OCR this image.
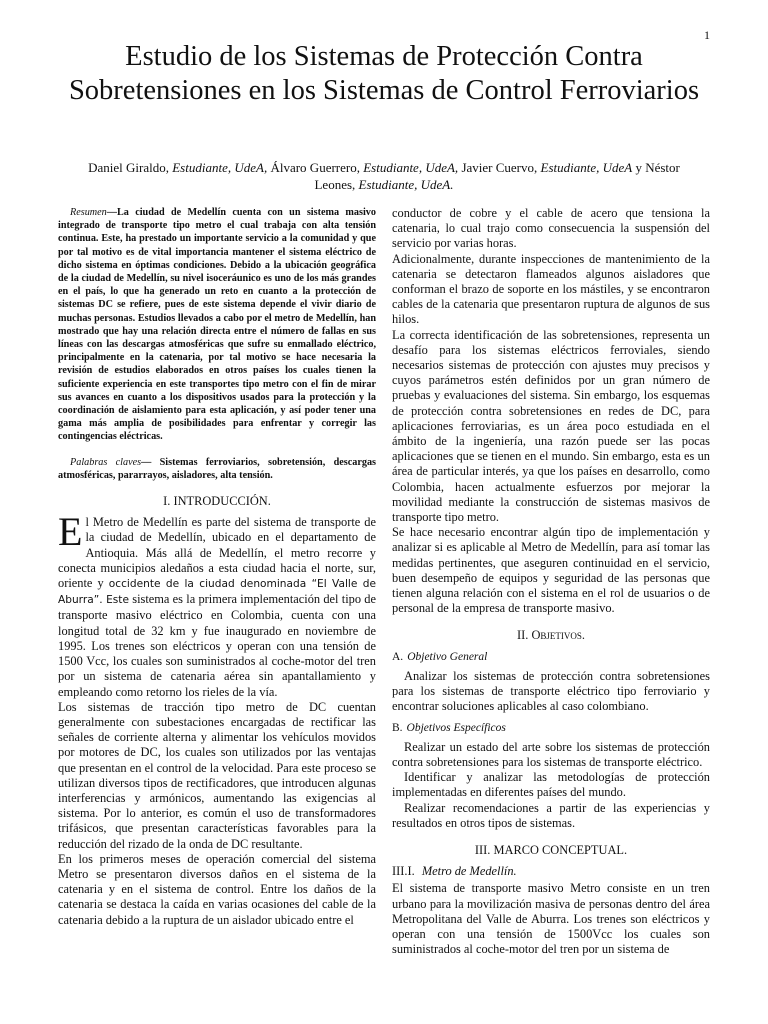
1
Estudio de los Sistemas de Protección Contra Sobretensiones en los Sistemas de Control Ferroviarios
Daniel Giraldo, Estudiante, UdeA, Álvaro Guerrero, Estudiante, UdeA, Javier Cuervo, Estudiante, UdeA y Néstor Leones, Estudiante, UdeA.

Resumen—La ciudad de Medellín cuenta con un sistema masivo integrado de transporte tipo metro el cual trabaja con alta tensión continua. Este, ha prestado un importante servicio a la comunidad y que por tal motivo es de vital importancia mantener el sistema eléctrico de dicho sistema en óptimas condiciones. Debido a la ubicación geográfica de la ciudad de Medellín, su nivel isoceráunico es uno de los más grandes en el país, lo que ha generado un reto en cuanto a la protección de sistemas DC se refiere, pues de este sistema depende el vivir diario de muchas personas. Estudios llevados a cabo por el metro de Medellín, han mostrado que hay una relación directa entre el número de fallas en sus líneas con las descargas atmosféricas que sufre su enmallado eléctrico, principalmente en la catenaria, por tal motivo se hace necesaria la revisión de estudios elaborados en otros países los cuales tienen la suficiente experiencia en este transportes tipo metro con el fin de mirar sus avances en cuanto a los dispositivos usados para la protección y la coordinación de aislamiento para esta aplicación, y así poder tener una gama más amplia de posibilidades para enfrentar y corregir las contingencias eléctricas.

Palabras claves— Sistemas ferroviarios, sobretensión, descargas atmosféricas, pararrayos, aisladores, alta tensión.

I. INTRODUCCIÓN.

El Metro de Medellín es parte del sistema de transporte de la ciudad de Medellín, ubicado en el departamento de Antioquia. Más allá de Medellín, el metro recorre y conecta municipios aledaños a esta ciudad hacia el norte, sur, oriente y occidente de la ciudad denominada “El Valle de Aburra”. Este sistema es la primera implementación del tipo de transporte masivo eléctrico en Colombia, cuenta con una longitud total de 32 km y fue inaugurado en noviembre de 1995. Los trenes son eléctricos y operan con una tensión de 1500 Vcc, los cuales son suministrados al coche-motor del tren por un sistema de catenaria aérea sin apantallamiento y empleando como retorno los rieles de la vía.

Los sistemas de tracción tipo metro de DC cuentan generalmente con subestaciones encargadas de rectificar las señales de corriente alterna y alimentar los vehículos movidos por motores de DC, los cuales son utilizados por las ventajas que presentan en el control de la velocidad. Para este proceso se utilizan diversos tipos de rectificadores, que introducen algunas interferencias y armónicos, aumentando las exigencias al sistema. Por lo anterior, es común el uso de transformadores trifásicos, que presentan características favorables para la reducción del rizado de la onda de DC resultante.

En los primeros meses de operación comercial del sistema Metro se presentaron diversos daños en el sistema de la catenaria y en el sistema de control. Entre los daños de la catenaria se destaca la caída en varias ocasiones del cable de la catenaria debido a la ruptura de un aislador ubicado entre el

conductor de cobre y el cable de acero que tensiona la catenaria, lo cual trajo como consecuencia la suspensión del servicio por varias horas.

Adicionalmente, durante inspecciones de mantenimiento de la catenaria se detectaron flameados algunos aisladores que conforman el brazo de soporte en los mástiles, y se encontraron cables de la catenaria que presentaron ruptura de algunos de sus hilos.

La correcta identificación de las sobretensiones, representa un desafío para los sistemas eléctricos ferroviales, siendo necesarios sistemas de protección con ajustes muy precisos y cuyos parámetros estén definidos por un gran número de pruebas y evaluaciones del sistema. Sin embargo, los esquemas de protección contra sobretensiones en redes de DC, para aplicaciones ferroviarias, es un área poco estudiada en el ámbito de la ingeniería, una razón puede ser las pocas aplicaciones que se tienen en el mundo. Sin embargo, esta es un área de particular interés, ya que los países en desarrollo, como Colombia, hacen actualmente esfuerzos por mejorar la movilidad mediante la construcción de sistemas masivos de transporte tipo metro.

Se hace necesario encontrar algún tipo de implementación y analizar si es aplicable al Metro de Medellín, para así tomar las medidas pertinentes, que aseguren continuidad en el servicio, buen desempeño de equipos y seguridad de las personas que tienen alguna relación con el sistema en el rol de usuarios o de personal de la empresa de transporte masivo.

II. Objetivos.

A. Objetivo General

Analizar los sistemas de protección contra sobretensiones para los sistemas de transporte eléctrico tipo ferroviario y encontrar soluciones aplicables al caso colombiano.

B. Objetivos Específicos

Realizar un estado del arte sobre los sistemas de protección contra sobretensiones para los sistemas de transporte eléctrico.

Identificar y analizar las metodologías de protección implementadas en diferentes países del mundo.

Realizar recomendaciones a partir de las experiencias y resultados en otros tipos de sistemas.

III. MARCO CONCEPTUAL.

III.I. Metro de Medellín.

El sistema de transporte masivo Metro consiste en un tren urbano para la movilización masiva de personas dentro del área Metropolitana del Valle de Aburra. Los trenes son eléctricos y operan con una tensión de 1500Vcc los cuales son suministrados al coche-motor del tren por un sistema de
